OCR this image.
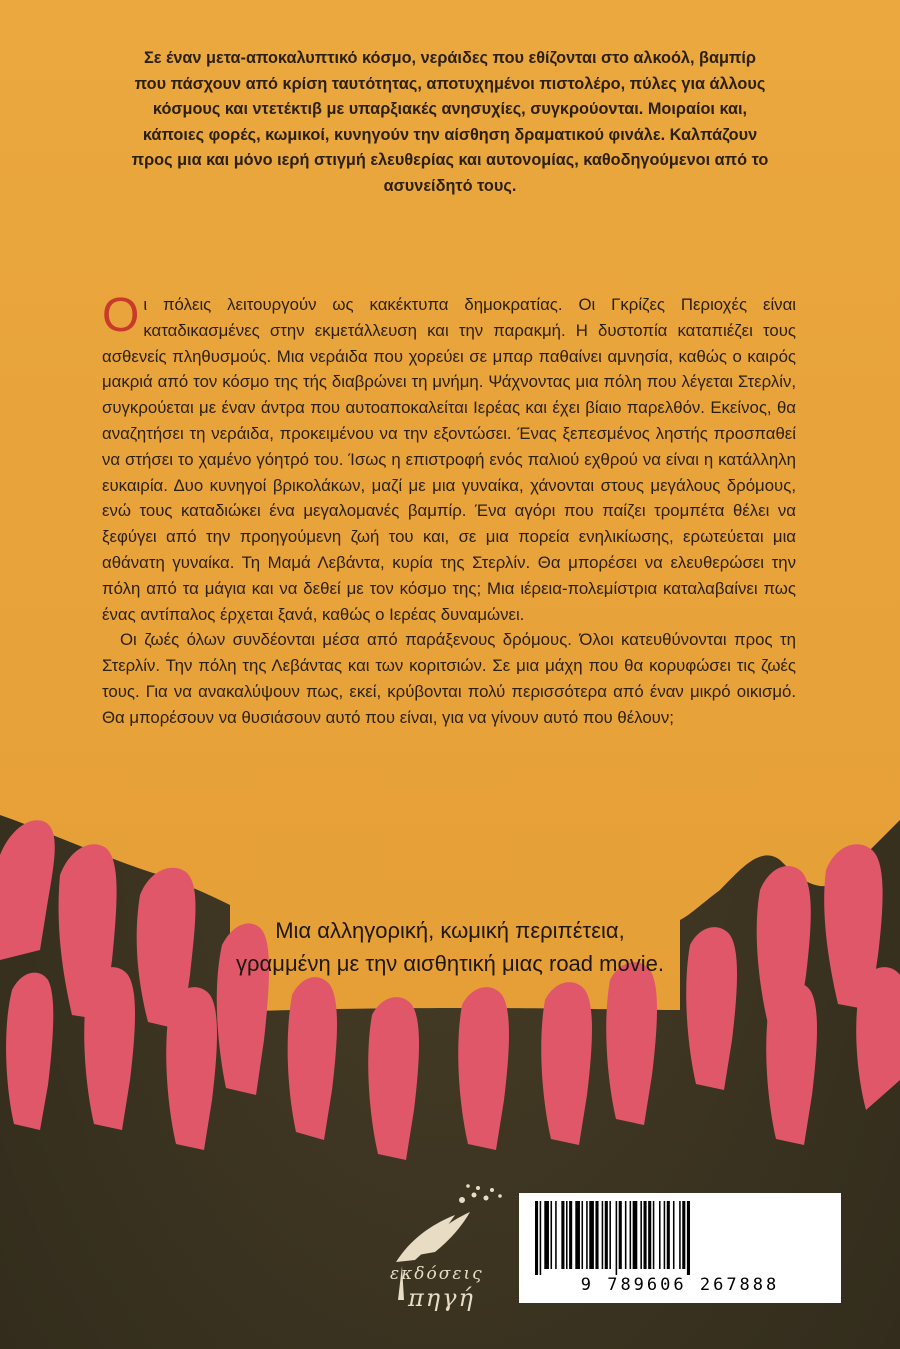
Σε έναν μετα-αποκαλυπτικό κόσμο, νεράιδες που εθίζονται στο αλκοόλ, βαμπίρ που πάσχουν από κρίση ταυτότητας, αποτυχημένοι πιστολέρο, πύλες για άλλους κόσμους και ντετέκτιβ με υπαρξιακές ανησυχίες, συγκρούονται. Μοιραίοι και, κάποιες φορές, κωμικοί, κυνηγούν την αίσθηση δραματικού φινάλε. Καλπάζουν προς μια και μόνο ιερή στιγμή ελευθερίας και αυτονομίας, καθοδηγούμενοι από το ασυνείδητό τους.

Οι πόλεις λειτουργούν ως κακέκτυπα δημοκρατίας. Οι Γκρίζες Περιοχές είναι καταδικασμένες στην εκμετάλλευση και την παρακμή. Η δυστοπία καταπιέζει τους ασθενείς πληθυσμούς. Μια νεράιδα που χορεύει σε μπαρ παθαίνει αμνησία, καθώς ο καιρός μακριά από τον κόσμο της τής διαβρώνει τη μνήμη. Ψάχνοντας μια πόλη που λέγεται Στερλίν, συγκρούεται με έναν άντρα που αυτοαποκαλείται Ιερέας και έχει βίαιο παρελθόν. Εκείνος, θα αναζητήσει τη νεράιδα, προκειμένου να την εξοντώσει. Ένας ξεπεσμένος ληστής προσπαθεί να στήσει το χαμένο γόητρό του. Ίσως η επιστροφή ενός παλιού εχθρού να είναι η κατάλληλη ευκαιρία. Δυο κυνηγοί βρικολάκων, μαζί με μια γυναίκα, χάνονται στους μεγάλους δρόμους, ενώ τους καταδιώκει ένα μεγαλομανές βαμπίρ. Ένα αγόρι που παίζει τρομπέτα θέλει να ξεφύγει από την προηγούμενη ζωή του και, σε μια πορεία ενηλικίωσης, ερωτεύεται μια αθάνατη γυναίκα. Τη Μαμά Λεβάντα, κυρία της Στερλίν. Θα μπορέσει να ελευθερώσει την πόλη από τα μάγια και να δεθεί με τον κόσμο της; Μια ιέρεια-πολεμίστρια καταλαβαίνει πως ένας αντίπαλος έρχεται ξανά, καθώς ο Ιερέας δυναμώνει.

Οι ζωές όλων συνδέονται μέσα από παράξενους δρόμους. Όλοι κατευθύνονται προς τη Στερλίν. Την πόλη της Λεβάντας και των κοριτσιών. Σε μια μάχη που θα κορυφώσει τις ζωές τους. Για να ανακαλύψουν πως, εκεί, κρύβονται πολύ περισσότερα από έναν μικρό οικισμό. Θα μπορέσουν να θυσιάσουν αυτό που είναι, για να γίνουν αυτό που θέλουν;

Μια αλληγορική, κωμική περιπέτεια, γραμμένη με την αισθητική μιας road movie.

εκδόσεις
πηγή	9 789606 267888
